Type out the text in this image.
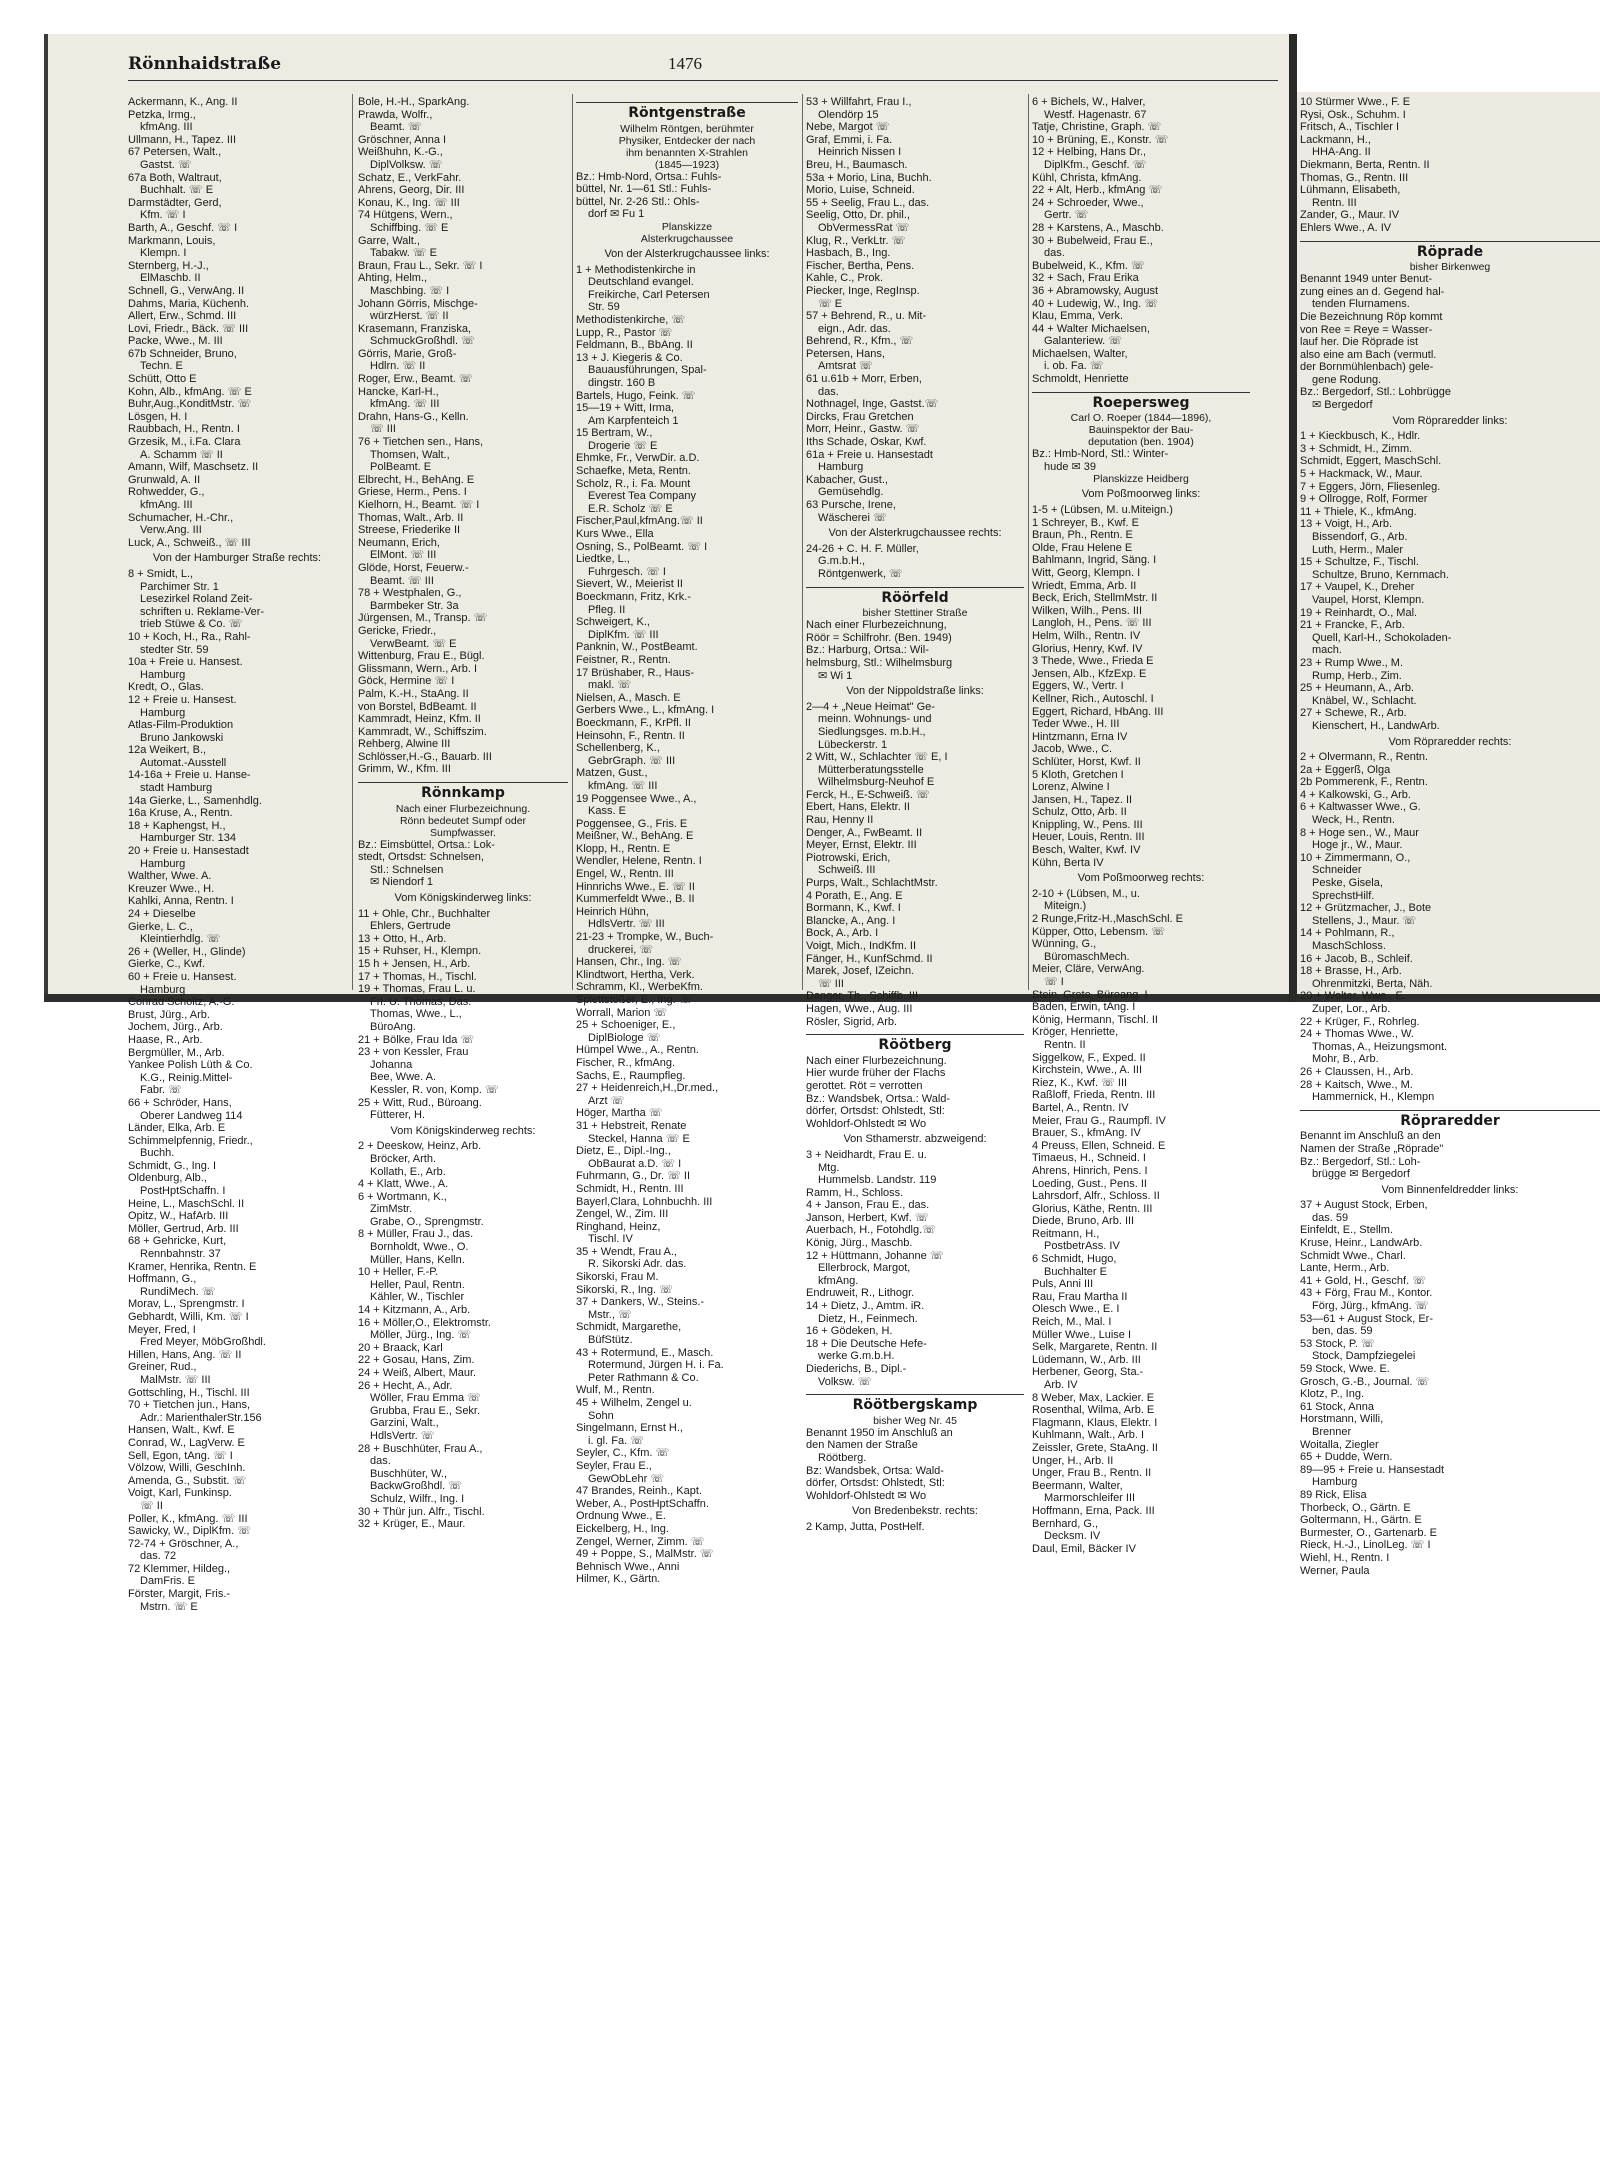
Rönnhaidstraße	1476
Ackermann, K., Ang. II
Petzka, Irmg.,
kfmAng. III
Ullmann, H., Tapez. III
67 Petersen, Walt.,
Gastst. ☏
67a Both, Waltraut,
Buchhalt. ☏ E
Darmstädter, Gerd,
Kfm. ☏ I
Barth, A., Geschf. ☏ I
Markmann, Louis,
Klempn. I
Sternberg, H.-J.,
ElMaschb. II
Schnell, G., VerwAng. II
Dahms, Maria, Küchenh.
Allert, Erw., Schmd. III
Lovi, Friedr., Bäck. ☏ III
Packe, Wwe., M. III
67b Schneider, Bruno,
Techn. E
Schütt, Otto E
Kohn, Alb., kfmAng. ☏ E
Buhr,Aug.,KonditMstr. ☏
Lösgen, H. I
Raubbach, H., Rentn. I
Grzesik, M., i.Fa. Clara
A. Schamm ☏ II
Amann, Wilf, Maschsetz. II
Grunwald, A. II
Rohwedder, G.,
kfmAng. III
Schumacher, H.-Chr.,
Verw.Ang. III
Luck, A., Schweiß., ☏ III
Von der Hamburger Straße rechts:
8 + Smidt, L.,
Parchimer Str. 1
Lesezirkel Roland Zeit-
schriften u. Reklame-Ver-
trieb Stüwe & Co. ☏
10 + Koch, H., Ra., Rahl-
stedter Str. 59
10a + Freie u. Hansest.
Hamburg
Kredt, O., Glas.
12 + Freie u. Hansest.
Hamburg
Atlas-Film-Produktion
Bruno Jankowski
12a Weikert, B.,
Automat.-Ausstell
14-16a + Freie u. Hanse-
stadt Hamburg
14a Gierke, L., Samenhdlg.
16a Kruse, A., Rentn.
18 + Kaphengst, H.,
Hamburger Str. 134
20 + Freie u. Hansestadt
Hamburg
Walther, Wwe. A.
Kreuzer Wwe., H.
Kahlki, Anna, Rentn. I
24 + Dieselbe
Gierke, L. C.,
Kleintierhdlg. ☏
26 + (Weller, H., Glinde)
Gierke, C., Kwf.
60 + Freie u. Hansest.
Hamburg
Conrad Scholtz, A.-G.
Brust, Jürg., Arb.
Jochem, Jürg., Arb.
Haase, R., Arb.
Bergmüller, M., Arb.
Yankee Polish Lüth & Co.
K.G., Reinig.Mittel-
Fabr. ☏
66 + Schröder, Hans,
Oberer Landweg 114
Länder, Elka, Arb. E
Schimmelpfennig, Friedr.,
Buchh.
Schmidt, G., Ing. I
Oldenburg, Alb.,
PostHptSchaffn. I
Heine, L., MaschSchl. II
Opitz, W., HafArb. III
Möller, Gertrud, Arb. III
68 + Gehricke, Kurt,
Rennbahnstr. 37
Kramer, Henrika, Rentn. E
Hoffmann, G.,
RundiMech. ☏
Morav, L., Sprengmstr. I
Gebhardt, Willi, Km. ☏ I
Meyer, Fred, I
Fred Meyer, MöbGroßhdl.
Hillen, Hans, Ang. ☏ II
Greiner, Rud.,
MalMstr. ☏ III
Gottschling, H., Tischl. III
70 + Tietchen jun., Hans,
Adr.: MarienthalerStr.156
Hansen, Walt., Kwf. E
Conrad, W., LagVerw. E
Sell, Egon, tAng. ☏ I
Völzow, Willi, GeschInh.
Amenda, G., Substit. ☏
Voigt, Karl, Funkinsp.
☏ II
Poller, K., kfmAng. ☏ III
Sawicky, W., DiplKfm. ☏
72-74 + Gröschner, A.,
das. 72
72 Klemmer, Hildeg.,
DamFris. E
Förster, Margit, Fris.-
Mstrn. ☏ E
Bole, H.-H., SparkAng.
Prawda, Wolfr.,
Beamt. ☏
Gröschner, Anna I
Weißhuhn, K.-G.,
DiplVolksw. ☏
Schatz, E., VerkFahr.
Ahrens, Georg, Dir. III
Konau, K., Ing. ☏ III
74 Hütgens, Wern.,
Schiffbing. ☏ E
Garre, Walt.,
Tabakw. ☏ E
Braun, Frau L., Sekr. ☏ I
Ahting, Helm.,
Maschbing. ☏ I
Johann Görris, Mischge-
würzHerst. ☏ II
Krasemann, Franziska,
SchmuckGroßhdl. ☏
Görris, Marie, Groß-
Hdlrn. ☏ II
Roger, Erw., Beamt. ☏
Hancke, Karl-H.,
kfmAng. ☏ III
Drahn, Hans-G., Kelln.
☏ III
76 + Tietchen sen., Hans,
Thomsen, Walt.,
PolBeamt. E
Elbrecht, H., BehAng. E
Griese, Herm., Pens. I
Kielhorn, H., Beamt. ☏ I
Thomas, Walt., Arb. II
Streese, Friederike II
Neumann, Erich,
ElMont. ☏ III
Glöde, Horst, Feuerw.-
Beamt. ☏ III
78 + Westphalen, G.,
Barmbeker Str. 3a
Jürgensen, M., Transp. ☏
Gericke, Friedr.,
VerwBeamt. ☏ E
Wittenburg, Frau E., Bügl.
Glissmann, Wern., Arb. I
Göck, Hermine ☏ I
Palm, K.-H., StaAng. II
von Borstel, BdBeamt. II
Kammradt, Heinz, Kfm. II
Kammradt, W., Schiffszim.
Rehberg, Alwine III
Schlösser,H.-G., Bauarb. III
Grimm, W., Kfm. III
Rönnkamp
Nach einer Flurbezeichnung.
Rönn bedeutet Sumpf oder
Sumpfwasser.
Bz.: Eimsbüttel, Ortsa.: Lok-
stedt, Ortsdst: Schnelsen,
Stl.: Schnelsen
✉ Niendorf 1
Vom Königskinderweg links:
11 + Ohle, Chr., Buchhalter
Ehlers, Gertrude
13 + Otto, H., Arb.
15 + Ruhser, H., Klempn.
15 h + Jensen, H., Arb.
17 + Thomas, H., Tischl.
19 + Thomas, Frau L. u.
Frl. U. Thomas, Das.
Thomas, Wwe., L.,
BüroAng.
21 + Bölke, Frau Ida ☏
23 + von Kessler, Frau
Johanna
Bee, Wwe. A.
Kessler, R. von, Komp. ☏
25 + Witt, Rud., Büroang.
Fütterer, H.
Vom Königskinderweg rechts:
2 + Deeskow, Heinz, Arb.
Bröcker, Arth.
Kollath, E., Arb.
4 + Klatt, Wwe., A.
6 + Wortmann, K.,
ZimMstr.
Grabe, O., Sprengmstr.
8 + Müller, Frau J., das.
Bornholdt, Wwe., O.
Müller, Hans, Kelln.
10 + Heller, F.-P.
Heller, Paul, Rentn.
Kähler, W., Tischler
14 + Kitzmann, A., Arb.
16 + Möller,O., Elektromstr.
Möller, Jürg., Ing. ☏
20 + Braack, Karl
22 + Gosau, Hans, Zim.
24 + Weiß, Albert, Maur.
26 + Hecht, A., Adr.
Wöller, Frau Emma ☏
Grubba, Frau E., Sekr.
Garzini, Walt.,
HdlsVertr. ☏
28 + Buschhüter, Frau A.,
das.
Buschhüter, W.,
BackwGroßhdl. ☏
Schulz, Wilfr., Ing. I
30 + Thür jun. Alfr., Tischl.
32 + Krüger, E., Maur.
Röntgenstraße
Wilhelm Röntgen, berühmter
Physiker, Entdecker der nach
ihm benannten X-Strahlen
(1845—1923)
Bz.: Hmb-Nord, Ortsa.: Fuhls-
büttel, Nr. 1—61 Stl.: Fuhls-
büttel, Nr. 2-26 Stl.: Ohls-
dorf ✉ Fu 1
Planskizze
Alsterkrugchaussee
Von der Alsterkrugchaussee links:
1 + Methodistenkirche in
Deutschland evangel.
Freikirche, Carl Petersen
Str. 59
Methodistenkirche, ☏
Lupp, R., Pastor ☏
Feldmann, B., BbAng. II
13 + J. Kiegeris & Co.
Bauausführungen, Spal-
dingstr. 160 B
Bartels, Hugo, Feink. ☏
15—19 + Witt, Irma,
Am Karpfenteich 1
15 Bertram, W.,
Drogerie ☏ E
Ehmke, Fr., VerwDir. a.D.
Schaefke, Meta, Rentn.
Scholz, R., i. Fa. Mount
Everest Tea Company
E.R. Scholz ☏ E
Fischer,Paul,kfmAng.☏ II
Kurs Wwe., Ella
Osning, S., PolBeamt. ☏ I
Liedtke, L.,
Fuhrgesch. ☏ I
Sievert, W., Meierist II
Boeckmann, Fritz, Krk.-
Pfleg. II
Schweigert, K.,
DiplKfm. ☏ III
Panknin, W., PostBeamt.
Feistner, R., Rentn.
17 Brüshaber, R., Haus-
makl. ☏
Nielsen, A., Masch. E
Gerbers Wwe., L., kfmAng. I
Boeckmann, F., KrPfl. II
Heinsohn, F., Rentn. II
Schellenberg, K.,
GebrGraph. ☏ III
Matzen, Gust.,
kfmAng. ☏ III
19 Poggensee Wwe., A.,
Kass. E
Poggensee, G., Fris. E
Meißner, W., BehAng. E
Klopp, H., Rentn. E
Wendler, Helene, Rentn. I
Engel, W., Rentn. III
Hinnrichs Wwe., E. ☏ II
Kummerfeldt Wwe., B. II
Heinrich Hühn,
HdlsVertr. ☏ III
21-23 + Trompke, W., Buch-
druckerei, ☏
Hansen, Chr., Ing. ☏
Klindtwort, Hertha, Verk.
Schramm, Kl., WerbeKfm.
Splettstößer, E., Ing. ☏
Worrall, Marion ☏
25 + Schoeniger, E.,
DiplBiologe ☏
Hümpel Wwe., A., Rentn.
Fischer, R., kfmAng.
Sachs, E., Raumpfleg.
27 + Heidenreich,H.,Dr.med.,
Arzt ☏
Höger, Martha ☏
31 + Hebstreit, Renate
Steckel, Hanna ☏ E
Dietz, E., Dipl.-Ing.,
ObBaurat a.D. ☏ I
Fuhrmann, G., Dr. ☏ II
Schmidt, H., Rentn. III
Bayerl,Clara, Lohnbuchh. III
Zengel, W., Zim. III
Ringhand, Heinz,
Tischl. IV
35 + Wendt, Frau A.,
R. Sikorski Adr. das.
Sikorski, Frau M.
Sikorski, R., Ing. ☏
37 + Dankers, W., Steins.-
Mstr., ☏
Schmidt, Margarethe,
BüfStütz.
43 + Rotermund, E., Masch.
Rotermund, Jürgen H. i. Fa.
Peter Rathmann & Co.
Wulf, M., Rentn.
45 + Wilhelm, Zengel u.
Sohn
Singelmann, Ernst H.,
i. gl. Fa. ☏
Seyler, C., Kfm. ☏
Seyler, Frau E.,
GewObLehr ☏
47 Brandes, Reinh., Kapt.
Weber, A., PostHptSchaffn.
Ordnung Wwe., E.
Eickelberg, H., Ing.
Zengel, Werner, Zimm. ☏
49 + Poppe, S., MalMstr. ☏
Behnisch Wwe., Anni
Hilmer, K., Gärtn.
53 + Willfahrt, Frau I.,
Olendörp 15
Nebe, Margot ☏
Graf, Emmi, i. Fa.
Heinrich Nissen I
Breu, H., Baumasch.
53a + Morio, Lina, Buchh.
Morio, Luise, Schneid.
55 + Seelig, Frau L., das.
Seelig, Otto, Dr. phil.,
ObVermessRat ☏
Klug, R., VerkLtr. ☏
Hasbach, B., Ing.
Fischer, Bertha, Pens.
Kahle, C., Prok.
Piecker, Inge, RegInsp.
☏ E
57 + Behrend, R., u. Mit-
eign., Adr. das.
Behrend, R., Kfm., ☏
Petersen, Hans,
Amtsrat ☏
61 u.61b + Morr, Erben,
das.
Nothnagel, Inge, Gastst.☏
Dircks, Frau Gretchen
Morr, Heinr., Gastw. ☏
Iths Schade, Oskar, Kwf.
61a + Freie u. Hansestadt
Hamburg
Kabacher, Gust.,
Gemüsehdlg.
63 Pursche, Irene,
Wäscherei ☏
Von der Alsterkrugchaussee rechts:
24-26 + C. H. F. Müller,
G.m.b.H.,
Röntgenwerk, ☏
Röörfeld
bisher Stettiner Straße
Nach einer Flurbezeichnung,
Röör = Schilfrohr. (Ben. 1949)
Bz.: Harburg, Ortsa.: Wil-
helmsburg, Stl.: Wilhelmsburg
✉ Wi 1
Von der Nippoldstraße links:
2—4 + „Neue Heimat" Ge-
meinn. Wohnungs- und
Siedlungsges. m.b.H.,
Lübeckerstr. 1
2 Witt, W., Schlachter ☏ E, I
Mütterberatungsstelle
Wilhelmsburg-Neuhof E
Ferck, H., E-Schweiß. ☏
Ebert, Hans, Elektr. II
Rau, Henny II
Denger, A., FwBeamt. II
Meyer, Ernst, Elektr. III
Piotrowski, Erich,
Schweiß. III
Purps, Walt., SchlachtMstr.
4 Porath, E., Ang. E
Bormann, K., Kwf. I
Blancke, A., Ang. I
Bock, A., Arb. I
Voigt, Mich., IndKfm. II
Fänger, H., KunfSchmd. II
Marek, Josef, IZeichn.
☏ III
Danger, Th., Schiffb. III
Hagen, Wwe., Aug. III
Rösler, Sigrid, Arb.
Röötberg
Nach einer Flurbezeichnung.
Hier wurde früher der Flachs
gerottet. Röt = verrotten
Bz.: Wandsbek, Ortsa.: Wald-
dörfer, Ortsdst: Ohlstedt, Stl:
Wohldorf-Ohlstedt ✉ Wo
Von Sthamerstr. abzweigend:
3 + Neidhardt, Frau E. u.
Mtg.
Hummelsb. Landstr. 119
Ramm, H., Schloss.
4 + Janson, Frau E., das.
Janson, Herbert, Kwf. ☏
Auerbach, H., Fotohdlg.☏
König, Jürg., Maschb.
12 + Hüttmann, Johanne ☏
Ellerbrock, Margot,
kfmAng.
Endruweit, R., Lithogr.
14 + Dietz, J., Amtm. iR.
Dietz, H., Feinmech.
16 + Gödeken, H.
18 + Die Deutsche Hefe-
werke G.m.b.H.
Diederichs, B., Dipl.-
Volksw. ☏
Röötbergskamp
bisher Weg Nr. 45
Benannt 1950 im Anschluß an
den Namen der Straße
Röötberg.
Bz: Wandsbek, Ortsa: Wald-
dörfer, Ortsdst: Ohlstedt, Stl:
Wohldorf-Ohlstedt ✉ Wo
Von Bredenbekstr. rechts:
2 Kamp, Jutta, PostHelf.
6 + Bichels, W., Halver,
Westf. Hagenastr. 67
Tatje, Christine, Graph. ☏
10 + Brüning, E., Konstr. ☏
12 + Helbing, Hans Dr.,
DiplKfm., Geschf. ☏
Kühl, Christa, kfmAng.
22 + Alt, Herb., kfmAng ☏
24 + Schroeder, Wwe.,
Gertr. ☏
28 + Karstens, A., Maschb.
30 + Bubelweid, Frau E.,
das.
Bubelweid, K., Kfm. ☏
32 + Sach, Frau Erika
36 + Abramowsky, August
40 + Ludewig, W., Ing. ☏
Klau, Emma, Verk.
44 + Walter Michaelsen,
Galanteriew. ☏
Michaelsen, Walter,
i. ob. Fa. ☏
Schmoldt, Henriette
Roepersweg
Carl O. Roeper (1844—1896),
Bauinspektor der Bau-
deputation (ben. 1904)
Bz.: Hmb-Nord, Stl.: Winter-
hude ✉ 39
Planskizze Heidberg
Vom Poßmoorweg links:
1-5 + (Lübsen, M. u.Miteign.)
1 Schreyer, B., Kwf. E
Braun, Ph., Rentn. E
Olde, Frau Helene E
Bahlmann, Ingrid, Säng. I
Witt, Georg, Klempn. I
Wriedt, Emma, Arb. II
Beck, Erich, StellmMstr. II
Wilken, Wilh., Pens. III
Langloh, H., Pens. ☏ III
Helm, Wilh., Rentn. IV
Glorius, Henry, Kwf. IV
3 Thede, Wwe., Frieda E
Jensen, Alb., KfzExp. E
Eggers, W., Vertr. I
Kellner, Rich., Autoschl. I
Eggert, Richard, HbAng. III
Teder Wwe., H. III
Hintzmann, Erna IV
Jacob, Wwe., C.
Schlüter, Horst, Kwf. II
5 Kloth, Gretchen I
Lorenz, Alwine I
Jansen, H., Tapez. II
Schulz, Otto, Arb. II
Knippling, W., Pens. III
Heuer, Louis, Rentn. III
Besch, Walter, Kwf. IV
Kühn, Berta IV
Vom Poßmoorweg rechts:
2-10 + (Lübsen, M., u.
Miteign.)
2 Runge,Fritz-H.,MaschSchl. E
Küpper, Otto, Lebensm. ☏
Wünning, G.,
BüromaschMech.
Meier, Cläre, VerwAng.
☏ I
Stein, Grete, Büroang. I
Baden, Erwin, tAng. I
König, Hermann, Tischl. II
Kröger, Henriette,
Rentn. II
Siggelkow, F., Exped. II
Kirchstein, Wwe., A. III
Riez, K., Kwf. ☏ III
Raßloff, Frieda, Rentn. III
Bartel, A., Rentn. IV
Meier, Frau G., Raumpfl. IV
Brauer, S., kfmAng. IV
4 Preuss, Ellen, Schneid. E
Timaeus, H., Schneid. I
Ahrens, Hinrich, Pens. I
Loeding, Gust., Pens. II
Lahrsdorf, Alfr., Schloss. II
Glorius, Käthe, Rentn. III
Diede, Bruno, Arb. III
Reitmann, H.,
PostbetrAss. IV
6 Schmidt, Hugo,
Buchhalter E
Puls, Anni III
Rau, Frau Martha II
Olesch Wwe., E. I
Reich, M., Mal. I
Müller Wwe., Luise I
Selk, Margarete, Rentn. II
Lüdemann, W., Arb. III
Herbener, Georg, Sta.-
Arb. IV
8 Weber, Max, Lackier. E
Rosenthal, Wilma, Arb. E
Flagmann, Klaus, Elektr. I
Kuhlmann, Walt., Arb. I
Zeissler, Grete, StaAng. II
Unger, H., Arb. II
Unger, Frau B., Rentn. II
Beermann, Walter,
Marmorschleifer III
Hoffmann, Erna, Pack. III
Bernhard, G.,
Decksm. IV
Daul, Emil, Bäcker IV
10 Stürmer Wwe., F. E
Rysi, Osk., Schuhm. I
Fritsch, A., Tischler I
Lackmann, H.,
HHA-Ang. II
Diekmann, Berta, Rentn. II
Thomas, G., Rentn. III
Lühmann, Elisabeth,
Rentn. III
Zander, G., Maur. IV
Ehlers Wwe., A. IV
Röprade
bisher Birkenweg
Benannt 1949 unter Benut-
zung eines an d. Gegend hal-
tenden Flurnamens.
Die Bezeichnung Röp kommt
von Ree = Reye = Wasser-
lauf her. Die Röprade ist
also eine am Bach (vermutl.
der Bornmühlenbach) gele-
gene Rodung.
Bz.: Bergedorf, Stl.: Lohbrügge
✉ Bergedorf
Vom Röpraredder links:
1 + Kieckbusch, K., Hdlr.
3 + Schmidt, H., Zimm.
Schmidt, Eggert, MaschSchl.
5 + Hackmack, W., Maur.
7 + Eggers, Jörn, Fliesenleg.
9 + Ollrogge, Rolf, Former
11 + Thiele, K., kfmAng.
13 + Voigt, H., Arb.
Bissendorf, G., Arb.
Luth, Herm., Maler
15 + Schultze, F., Tischl.
Schultze, Bruno, Kernmach.
17 + Vaupel, K., Dreher
Vaupel, Horst, Klempn.
19 + Reinhardt, O., Mal.
21 + Francke, F., Arb.
Quell, Karl-H., Schokoladen-
mach.
23 + Rump Wwe., M.
Rump, Herb., Zim.
25 + Heumann, A., Arb.
Knäbel, W., Schlacht.
27 + Schewe, R., Arb.
Kienschert, H., LandwArb.
Vom Röpraredder rechts:
2 + Olvermann, R., Rentn.
2a + Eggerß, Olga
2b Pommerenk, F., Rentn.
4 + Kalkowski, G., Arb.
6 + Kaltwasser Wwe., G.
Weck, H., Rentn.
8 + Hoge sen., W., Maur
Hoge jr., W., Maur.
10 + Zimmermann, O.,
Schneider
Peske, Gisela,
SprechstHilf.
12 + Grützmacher, J., Bote
Stellens, J., Maur. ☏
14 + Pohlmann, R.,
MaschSchloss.
16 + Jacob, B., Schleif.
18 + Brasse, H., Arb.
Ohrenmitzki, Berta, Näh.
20 + Wolter, Wwe., E.
Zuper, Lor., Arb.
22 + Krüger, F., Rohrleg.
24 + Thomas Wwe., W.
Thomas, A., Heizungsmont.
Mohr, B., Arb.
26 + Claussen, H., Arb.
28 + Kaitsch, Wwe., M.
Hammernick, H., Klempn
Röpraredder
Benannt im Anschluß an den
Namen der Straße „Röprade"
Bz.: Bergedorf, Stl.: Loh-
brügge ✉ Bergedorf
Vom Binnenfeldredder links:
37 + August Stock, Erben,
das. 59
Einfeldt, E., Stellm.
Kruse, Heinr., LandwArb.
Schmidt Wwe., Charl.
Lante, Herm., Arb.
41 + Gold, H., Geschf. ☏
43 + Förg, Frau M., Kontor.
Förg, Jürg., kfmAng. ☏
53—61 + August Stock, Er-
ben, das. 59
53 Stock, P. ☏
Stock, Dampfziegelei
59 Stock, Wwe. E.
Grosch, G.-B., Journal. ☏
Klotz, P., Ing.
61 Stock, Anna
Horstmann, Willi,
Brenner
Woitalla, Ziegler
65 + Dudde, Wern.
89—95 + Freie u. Hansestadt
Hamburg
89 Rick, Elisa
Thorbeck, O., Gärtn. E
Goltermann, H., Gärtn. E
Burmester, O., Gartenarb. E
Rieck, H.-J., LinolLeg. ☏ I
Wiehl, H., Rentn. I
Werner, Paula
